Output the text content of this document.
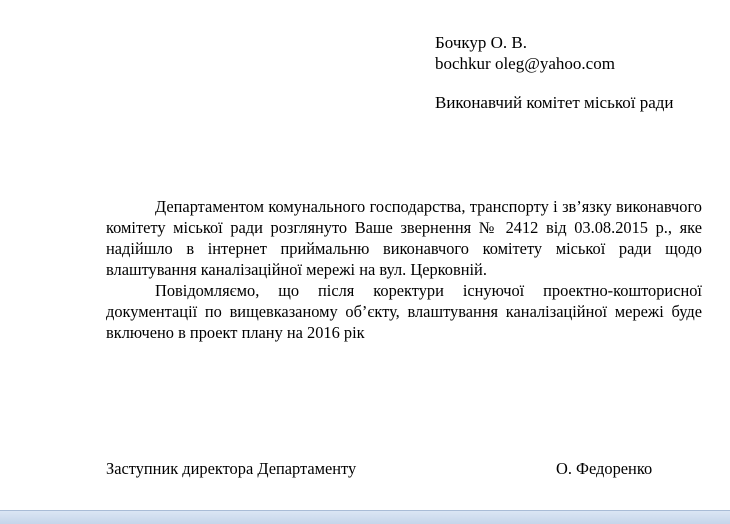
Бочкур О. В.
bochkur oleg@yahoo.com
Виконавчий комітет міської ради

Департаментом комунального господарства, транспорту і зв’язку виконавчого комітету міської ради розглянуто Ваше звернення № 2412 від 03.08.2015 р., яке надійшло в інтернет приймальню виконавчого комітету міської ради щодо влаштування каналізаційної мережі на вул. Церковній.

Повідомляємо, що після коректури існуючої проектно-кошторисної документації по вищевказаному об’єкту, влаштування каналізаційної мережі буде включено в проект плану на 2016 рік

Заступник директора Департаменту	О. Федоренко
